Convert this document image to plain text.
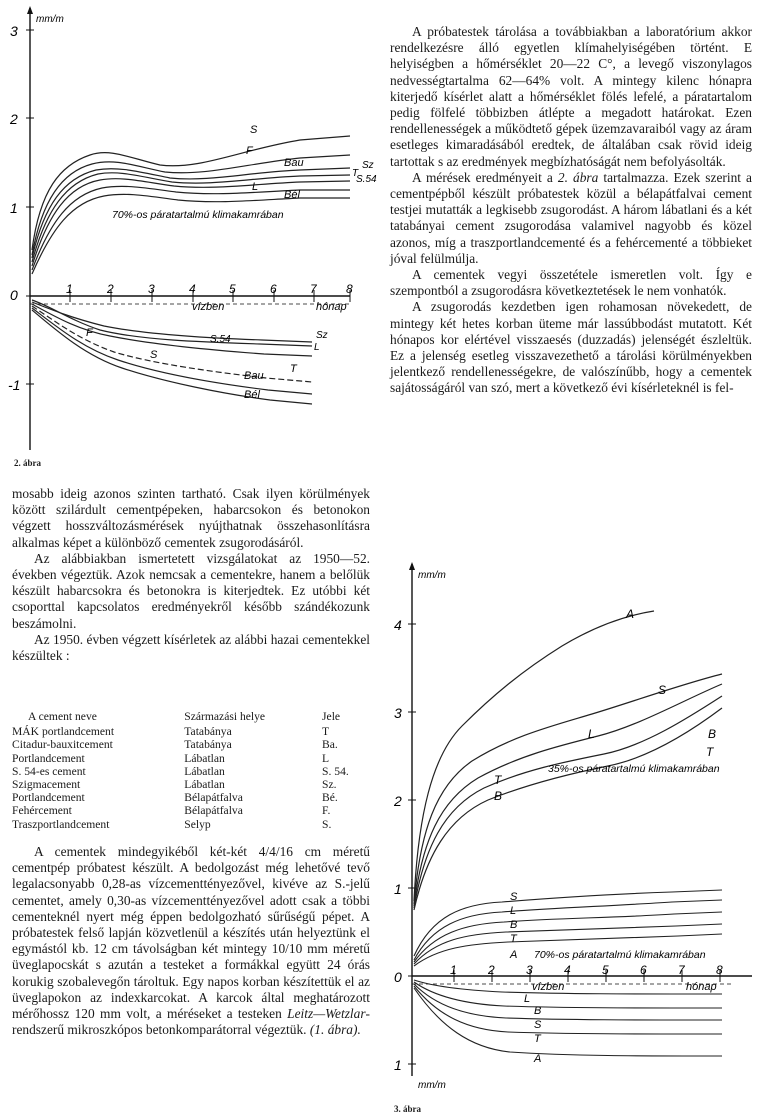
3
2
1
0
-1
mm/m
1	2	3	4	5	6	7 8
vízben	hónap
70%-os páratartalmú klimakamrában
S
F
Bau
L
Bél
Sz
T
S.54
F
S.54
S
Bau
T
Bél
Sz
L
2. ábra

mosabb ideig azonos szinten tartható. Csak ilyen körülmények között szilárdult cementpépeken, habarcsokon és betonokon végzett hosszváltozásmérések nyújthatnak összehasonlításra alkalmas képet a különböző cementek zsugorodásáról.

Az alábbiakban ismertetett vizsgálatokat az 1950—52. években végeztük. Azok nemcsak a cementekre, hanem a belőlük készült habarcsokra és betonokra is kiterjedtek. Ez utóbbi két csoporttal kapcsolatos eredményekről később szándékozunk beszámolni.

Az 1950. évben végzett kísérletek az alábbi hazai cementekkel készültek :

A cement neve	Származási helye	Jele
MÁK portlandcement	Tatabánya	T
Citadur-bauxitcement	Tatabánya	Ba.
Portlandcement	Lábatlan	L
S. 54-es cement	Lábatlan	S. 54.
Szigmacement	Lábatlan	Sz.
Portlandcement	Bélapátfalva	Bé.
Fehércement	Bélapátfalva	F.
Traszportlandcement	Selyp	S.

A cementek mindegyikéből két-két 4/4/16 cm méretű cementpép próbatest készült. A bedolgozást még lehetővé tevő legalacsonyabb 0,28-as vízcementtényezővel, kivéve az S.-jelű cementet, amely 0,30-as vízcementtényezővel adott csak a többi cementeknél nyert még éppen bedolgozható sűrűségű pépet. A próbatestek felső lapján közvetlenül a készítés után helyeztünk el egymástól kb. 12 cm távolságban két mintegy 10/10 mm méretű üveglapocskát s azután a testeket a formákkal együtt 24 órás korukig szobalevegőn tároltuk. Egy napos korban készítettük el az üveglapokon az indexkarcokat. A karcok által meghatározott mérőhossz 120 mm volt, a méréseket a testeken Leitz—Wetzlar-rendszerű mikroszkópos betonkomparátorral végeztük. (1. ábra).

A próbatestek tárolása a továbbiakban a laboratórium akkor rendelkezésre álló egyetlen klímahelyiségében történt. E helyiségben a hőmérséklet 20—22 C°, a levegő viszonylagos nedvességtartalma 62—64% volt. A mintegy kilenc hónapra kiterjedő kísérlet alatt a hőmérséklet fölés lefelé, a páratartalom pedig fölfelé többizben átlépte a megadott határokat. Ezen rendellenességek a működtető gépek üzemzavaraiból vagy az áram esetleges kimaradásából eredtek, de általában csak rövid ideig tartottak s az eredmények megbízhatóságát nem befolyásolták.

A mérések eredményeit a 2. ábra tartalmazza. Ezek szerint a cementpépből készült próbatestek közül a bélapátfalvai cement testjei mutatták a legkisebb zsugorodást. A három lábatlani és a két tatabányai cement zsugorodása valamivel nagyobb és közel azonos, míg a traszportlandcementé és a fehércementé a többieket jóval felülmúlja.

A cementek vegyi összetétele ismeretlen volt. Így e szempontból a zsugorodásra következtetések le nem vonhatók.

A zsugorodás kezdetben igen rohamosan növekedett, de mintegy két hetes korban üteme már lassúbbodást mutatott. Két hónapos kor elértével visszaesés (duzzadás) jelenségét észleltük. Ez a jelenség esetleg visszavezethető a tárolási körülményekben jelentkező rendellenességekre, de valószínűbb, hogy a cementek sajátosságáról van szó, mert a következő évi kísérleteknél is fel-

4
3
2
1
0
1
mm/m
mm/m
1	2	3	4	5	6	7	8
vízben	hónap
35%-os páratartalmú klimakamrában
70%-os páratartalmú klimakamrában
A
S
L	B
T
T
B
S
L
B
T
A
L
B
S
T
A
3. ábra
